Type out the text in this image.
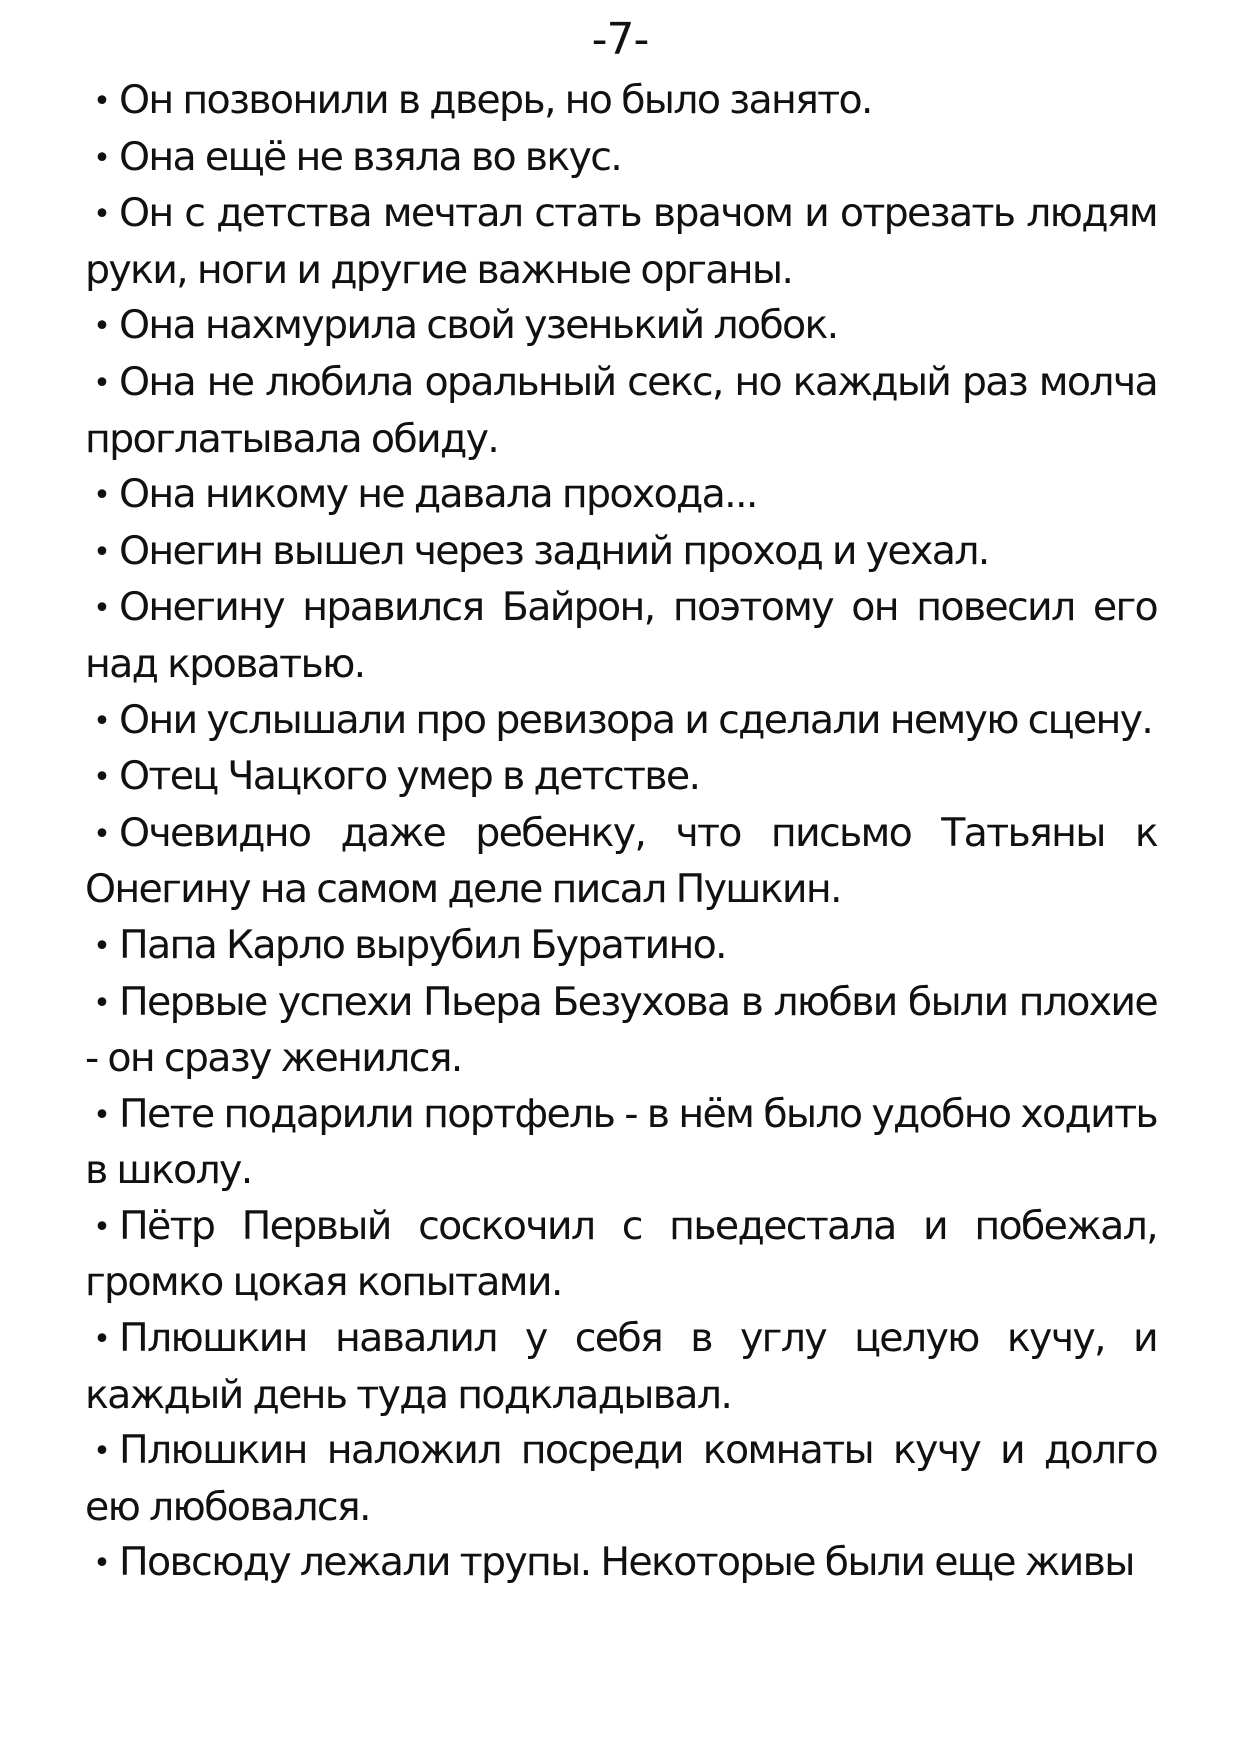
-7-
• Он позвонили в дверь, но было занято.
• Она ещё не взяла во вкус.
• Он с детства мечтал стать врачом и отрезать людям руки, ноги и другие важные органы.
• Она нахмурила свой узенький лобок.
• Она не любила оральный секс, но каждый раз молча проглатывала обиду.
• Она никому не давала прохода...
• Онегин вышел через задний проход и уехал.
• Онегину нравился Байрон, поэтому он повесил его над кроватью.
• Они услышали про ревизора и сделали немую сцену.
• Отец Чацкого умер в детстве.
• Очевидно даже ребенку, что письмо Татьяны к Онегину на самом деле писал Пушкин.
• Папа Карло вырубил Буратино.
• Первые успехи Пьера Безухова в любви были плохие - он сразу женился.
• Пете подарили портфель - в нём было удобно ходить в школу.
• Пётр Первый соскочил с пьедестала и побежал, громко цокая копытами.
• Плюшкин навалил у себя в углу целую кучу, и каждый день туда подкладывал.
• Плюшкин наложил посреди комнаты кучу и долго ею любовался.
• Повсюду лежали трупы. Некоторые были еще живы
